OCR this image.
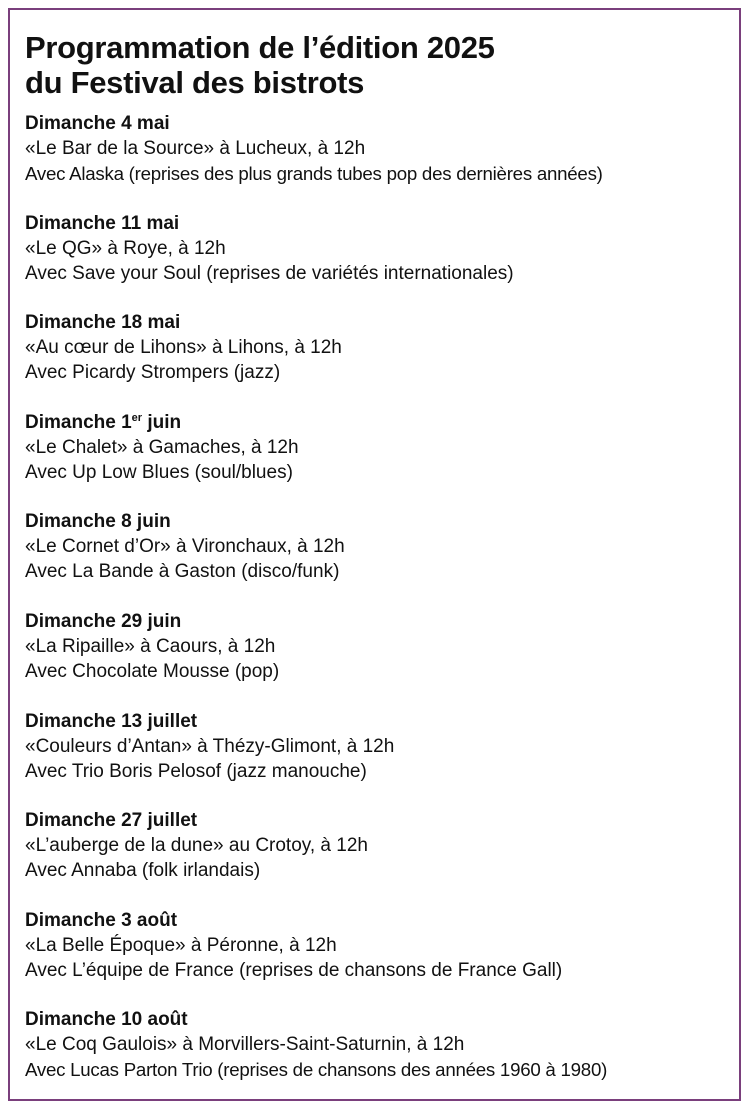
Programmation de l’édition 2025
du Festival des bistrots
Dimanche 4 mai
«Le Bar de la Source» à Lucheux, à 12h
Avec Alaska (reprises des plus grands tubes pop des dernières années)
Dimanche 11 mai
«Le QG» à Roye, à 12h
Avec Save your Soul (reprises de variétés internationales)
Dimanche 18 mai
«Au cœur de Lihons» à Lihons, à 12h
Avec Picardy Strompers (jazz)
Dimanche 1er juin
«Le Chalet» à Gamaches, à 12h
Avec Up Low Blues (soul/blues)
Dimanche 8 juin
«Le Cornet d’Or» à Vironchaux, à 12h
Avec La Bande à Gaston (disco/funk)
Dimanche 29 juin
«La Ripaille» à Caours, à 12h
Avec Chocolate Mousse (pop)
Dimanche 13 juillet
«Couleurs d’Antan» à Thézy-Glimont, à 12h
Avec Trio Boris Pelosof (jazz manouche)
Dimanche 27 juillet
«L’auberge de la dune» au Crotoy, à 12h
Avec Annaba (folk irlandais)
Dimanche 3 août
«La Belle Époque» à Péronne, à 12h
Avec L’équipe de France (reprises de chansons de France Gall)
Dimanche 10 août
«Le Coq Gaulois» à Morvillers-Saint-Saturnin, à 12h
Avec Lucas Parton Trio (reprises de chansons des années 1960 à 1980)
